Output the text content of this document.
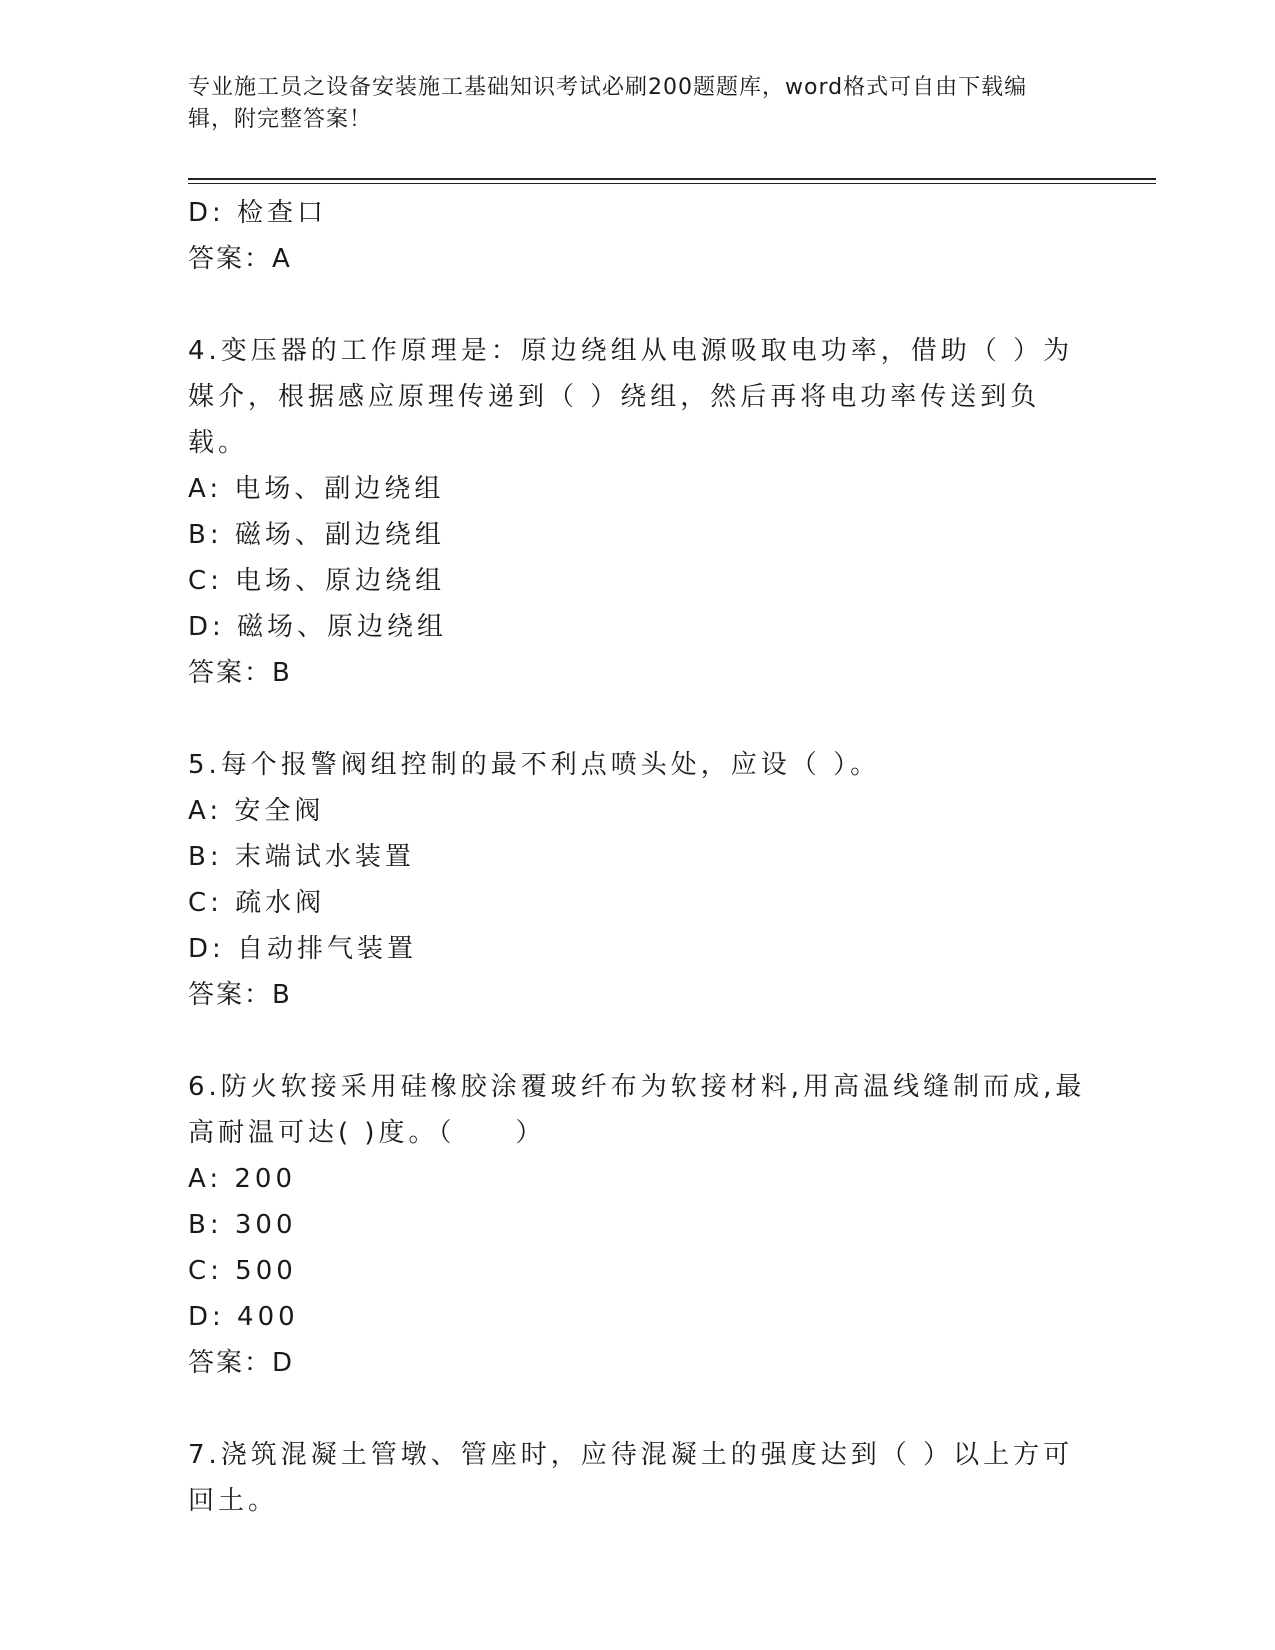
专业施工员之设备安装施工基础知识考试必刷200题题库，word格式可自由下载编辑，附完整答案！
D: 检查口
答案：A
4.变压器的工作原理是：原边绕组从电源吸取电功率，借助（ ）为媒介，根据感应原理传递到（ ）绕组，然后再将电功率传送到负载。
A: 电场、副边绕组
B: 磁场、副边绕组
C: 电场、原边绕组
D: 磁场、原边绕组
答案：B
5.每个报警阀组控制的最不利点喷头处，应设（ ）。
A: 安全阀
B: 末端试水装置
C: 疏水阀
D: 自动排气装置
答案：B
6.防火软接采用硅橡胶涂覆玻纤布为软接材料,用高温线缝制而成,最高耐温可达( )度。（　　）
A: 200
B: 300
C: 500
D: 400
答案：D
7.浇筑混凝土管墩、管座时，应待混凝土的强度达到（ ）以上方可回土。
